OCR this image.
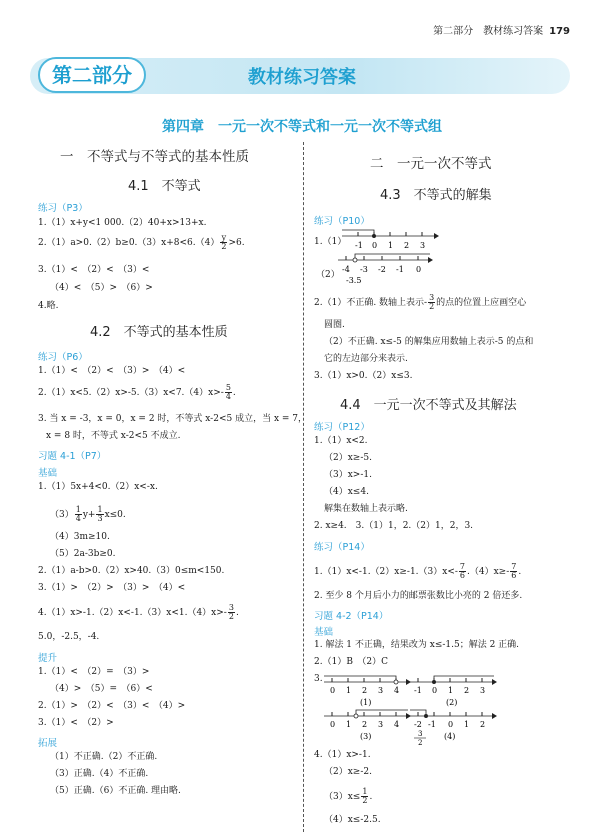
第二部分　 教材练习答案 179
第二部分	教材练习答案
第四章　一元一次不等式和一元一次不等式组
一　不等式与不等式的基本性质
4.1　不等式
练习（P3）
1.（1）x+y<1 000.（2）40+x>13+x.
$2.(1)a>0.(2)b\ge 0.(3)x+8<6.(4) \frac{y}{2} >6$.
3.（1）<　（2）<　（3）<
（4）<　（5）>　（6）>
4.略.
4.2　不等式的基本性质
练习（P6）
1.（1）<　（2）<　（3）>　（4）<
$2.(1)x<5.(2)x>-5.(3)x<7.(4)x>- \frac{5}{4}$ .
3. 当 x = -3，x = 0，x = 2 时，不等式 x-2<5 成立，当 x = 7，
x = 8 时，不等式 x-2<5 不成立.
习题 4-1（P7）
基础
1.（1）5x+4<0.（2）x<-x.
$(3) \frac{1}{4} y+ \frac{1}{3} x\le 0$.
（4）3m≥10.
（5）2a-3b≥0.
2.（1）a-b>0.（2）x>40.（3）0≤m<150.
3.（1）>　（2）>　（3）>　（4）<
$4.(1)x>-1.(2)x<-1.(3)x<1.(4)x>- \frac{3}{2}$ .
5.0，-2.5，-4.
提升
1.（1）<　（2）=　（3）>
（4）>　（5）=　（6）<
2.（1）>　（2）<　（3）<　（4）>
3.（1）<　（2）>
拓展
（1）不正确.（2）不正确.
（3）正确.（4）不正确.
（5）正确.（6）不正确. 理由略.
二　一元一次不等式
4.3　不等式的解集
练习（P10）
1.（1） -1 0 1 2 3
（2）
-4 -3 -2 -1 0
-3.5
2.（1）不正确. 数轴上表示- $\frac{3}{2}$ 的点的位置上应画空心
圆圈.
（2）不正确. x≤-5 的解集应用数轴上表示-5 的点和
它的左边部分来表示.
3.（1）x>0.（2）x≤3.
4.4　一元一次不等式及其解法
练习（P12）
1.（1）x<2.
（2）x≥-5.
（3）x>-1.
（4）x≤4.
解集在数轴上表示略.
2. x≥4.　3.（1）1，2.（2）1，2，3.
练习（P14）
$1.(1)x<-1.(2)x\ge-1.(3)x<- \frac{7}{6} .(4)x\ge- \frac{7}{6}$ .
2. 至少 8 个月后小力的邮票张数比小亮的 2 倍还多.
习题 4-2（P14）
基础
1. 解法 1 不正确，结果改为 x≤-1.5；解法 2 正确.
2.（1）B　（2）C
3.
0 1 2 3 4
(1)
-1 0 1 2 3
(2)
0 1 2 3 4
(3)
-2 -1 0 1 2
3
2
(4)
4.（1）x>-1.
（2）x≥-2.
$(3)x\le \frac{1}{2}$ .
（4）x≤-2.5.
